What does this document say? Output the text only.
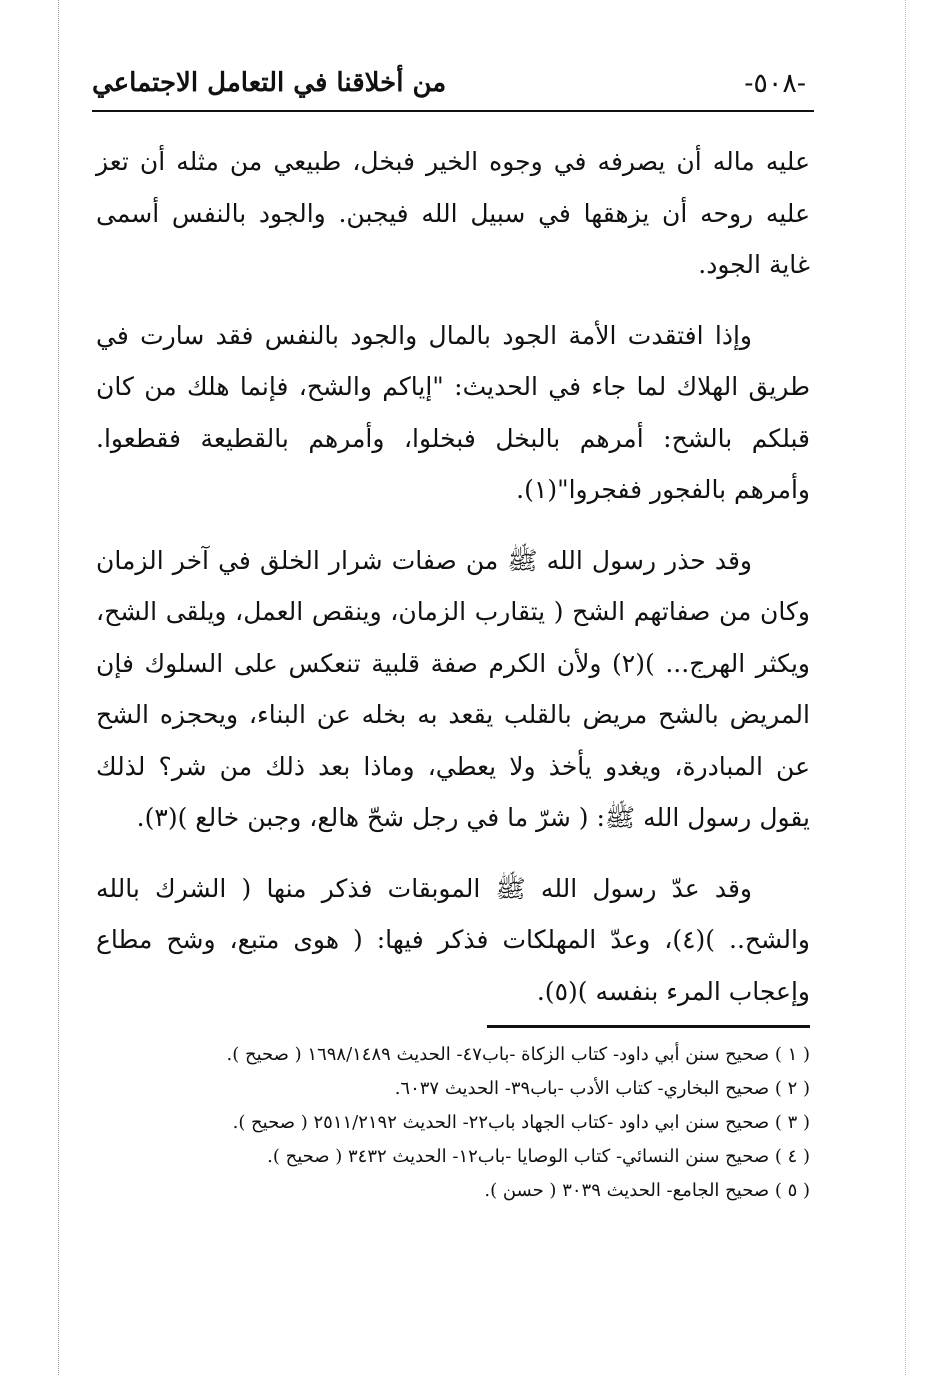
-٥٠٨-
من أخلاقنا في التعامل الاجتماعي

عليه ماله أن يصرفه في وجوه الخير فبخل، طبيعي من مثله أن تعز عليه روحه أن يزهقها في سبيل الله فيجبن. والجود بالنفس أسمى غاية الجود.

وإذا افتقدت الأمة الجود بالمال والجود بالنفس فقد سارت في طريق الهلاك لما جاء في الحديث: "إياكم والشح، فإنما هلك من كان قبلكم بالشح: أمرهم بالبخل فبخلوا، وأمرهم بالقطيعة فقطعوا. وأمرهم بالفجور ففجروا"(١).

وقد حذر رسول الله ﷺ من صفات شرار الخلق في آخر الزمان وكان من صفاتهم الشح ( يتقارب الزمان، وينقص العمل، ويلقى الشح، ويكثر الهرج... )(٢) ولأن الكرم صفة قلبية تنعكس على السلوك فإن المريض بالشح مريض بالقلب يقعد به بخله عن البناء، ويحجزه الشح عن المبادرة، ويغدو يأخذ ولا يعطي، وماذا بعد ذلك من شر؟ لذلك يقول رسول الله ﷺ: ( شرّ ما في رجل شحّ هالع، وجبن خالع )(٣).

وقد عدّ رسول الله ﷺ الموبقات فذكر منها ( الشرك بالله والشح.. )(٤)، وعدّ المهلكات فذكر فيها: ( هوى متبع، وشح مطاع وإعجاب المرء بنفسه )(٥).

( ١ ) صحيح سنن أبي داود- كتاب الزكاة -باب٤٧- الحديث ١٦٩٨/١٤٨٩ ( صحيح ).

( ٢ ) صحيح البخاري- كتاب الأدب -باب٣٩- الحديث ٦٠٣٧.

( ٣ ) صحيح سنن ابي داود -كتاب الجهاد باب٢٢- الحديث ٢٥١١/٢١٩٢ ( صحيح ).

( ٤ ) صحيح سنن النسائي- كتاب الوصايا -باب١٢- الحديث ٣٤٣٢ ( صحيح ).

( ٥ ) صحيح الجامع- الحديث ٣٠٣٩ ( حسن ).
